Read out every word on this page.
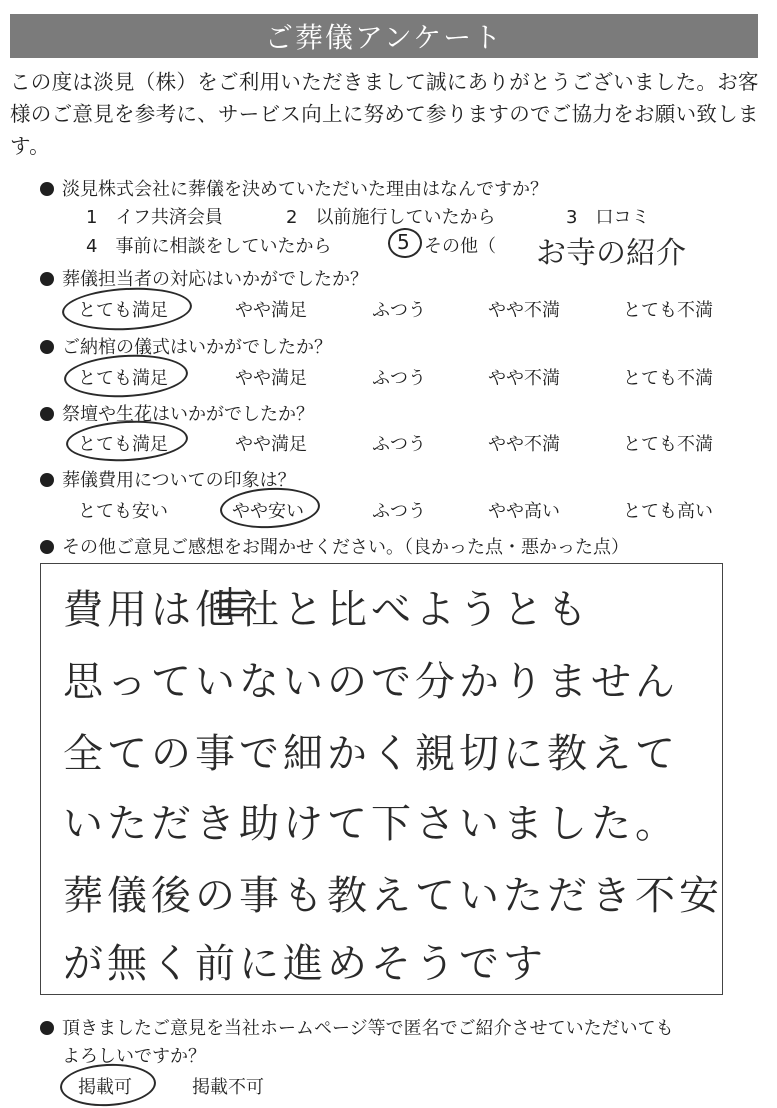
ご葬儀アンケート
この度は淡見（株）をご利用いただきまして誠にありがとうございました。お客様のご意見を参考に、サービス向上に努めて参りますのでご協力をお願い致します。
淡見株式会社に葬儀を決めていただいた理由はなんですか？
1　イフ共済会員	2　以前施行していたから	3　口コミ
4　事前に相談をしていたから	5 その他（ お寺の紹介
葬儀担当者の対応はいかがでしたか？
とても満足	やや満足	ふつう	やや不満	とても不満
ご納棺の儀式はいかがでしたか？
とても満足	やや満足	ふつう	やや不満	とても不満
祭壇や生花はいかがでしたか？
とても満足	やや満足	ふつう	やや不満	とても不満
葬儀費用についての印象は？
とても安い	やや安い	ふつう	やや高い	とても高い
その他ご意見ご感想をお聞かせください。（良かった点・悪かった点）
費用は他社と比べようとも
思っていないので分かりません
全ての事で細かく親切に教えて
いただき助けて下さいました。
葬儀後の事も教えていただき不安
が無く前に進めそうです
頂きましたご意見を当社ホームページ等で匿名でご紹介させていただいても
よろしいですか？
掲載可	掲載不可
